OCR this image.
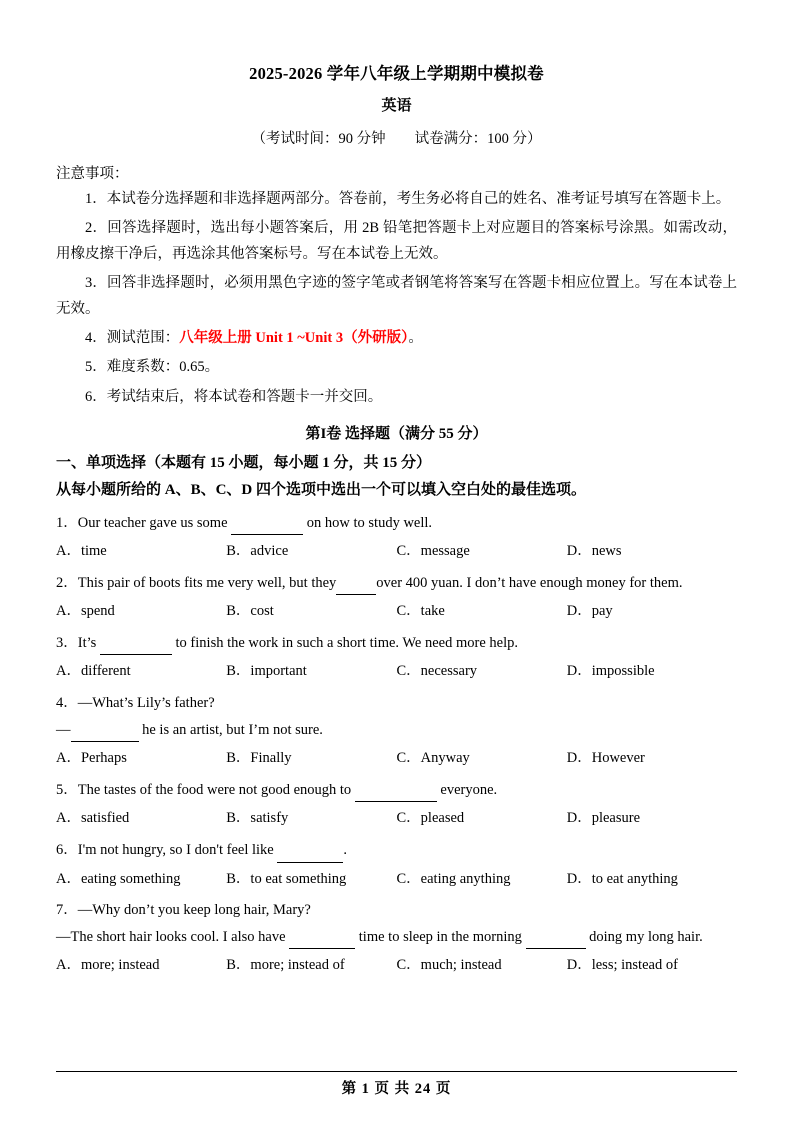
2025-2026 学年八年级上学期期中模拟卷
英语
（考试时间：90 分钟　　试卷满分：100 分）
注意事项：
1．本试卷分选择题和非选择题两部分。答卷前，考生务必将自己的姓名、准考证号填写在答题卡上。
2．回答选择题时，选出每小题答案后，用 2B 铅笔把答题卡上对应题目的答案标号涂黑。如需改动，用橡皮擦干净后，再选涂其他答案标号。写在本试卷上无效。
3．回答非选择题时，必须用黑色字迹的签字笔或者钢笔将答案写在答题卡相应位置上。写在本试卷上无效。
4．测试范围：八年级上册 Unit 1 ~Unit 3（外研版）。
5．难度系数：0.65。
6．考试结束后，将本试卷和答题卡一并交回。
第I卷 选择题（满分 55 分）
一、单项选择（本题有 15 小题，每小题 1 分，共 15 分）
从每小题所给的 A、B、C、D 四个选项中选出一个可以填入空白处的最佳选项。
1．Our teacher gave us some	on how to study well.
A．time	B．advice	C．message	D．news
2．This pair of boots fits me very well, but they	over 400 yuan. I don’t have enough money for them.
A．spend	B．cost	C．take	D．pay
3．It’s	to finish the work in such a short time. We need more help.
A．different	B．important	C．necessary	D．impossible
4．—What’s Lily’s father?
—	he is an artist, but I’m not sure.
A．Perhaps	B．Finally	C．Anyway	D．However
5．The tastes of the food were not good enough to	everyone.
A．satisfied	B．satisfy	C．pleased	D．pleasure
6．I'm not hungry, so I don't feel like	.
A．eating something	B．to eat something	C．eating anything	D．to eat anything
7．—Why don’t you keep long hair, Mary?
—The short hair looks cool. I also have	time to sleep in the morning	doing my long hair.
A．more; instead	B．more; instead of	C．much; instead	D．less; instead of
第 1 页 共 24 页
